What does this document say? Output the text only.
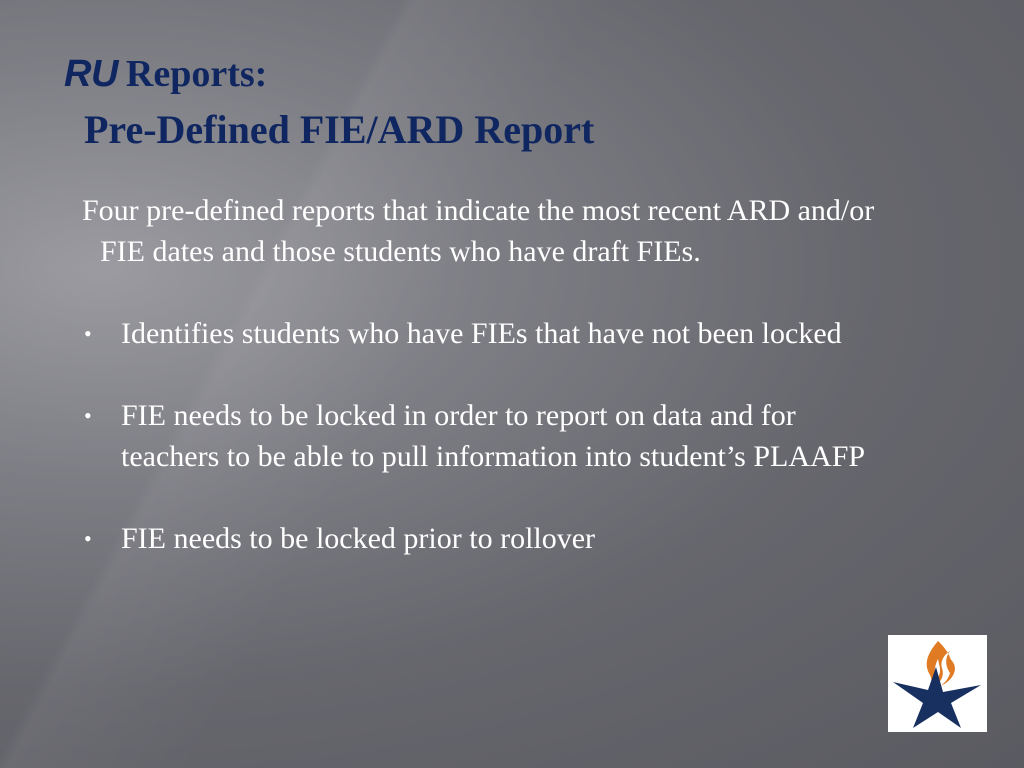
RU Reports:
Pre-Defined FIE/ARD Report

Four pre-defined reports that indicate the most recent ARD and/or FIE dates and those students who have draft FIEs.

• Identifies students who have FIEs that have not been locked
• FIE needs to be locked in order to report on data and for teachers to be able to pull information into student’s PLAAFP
• FIE needs to be locked prior to rollover
